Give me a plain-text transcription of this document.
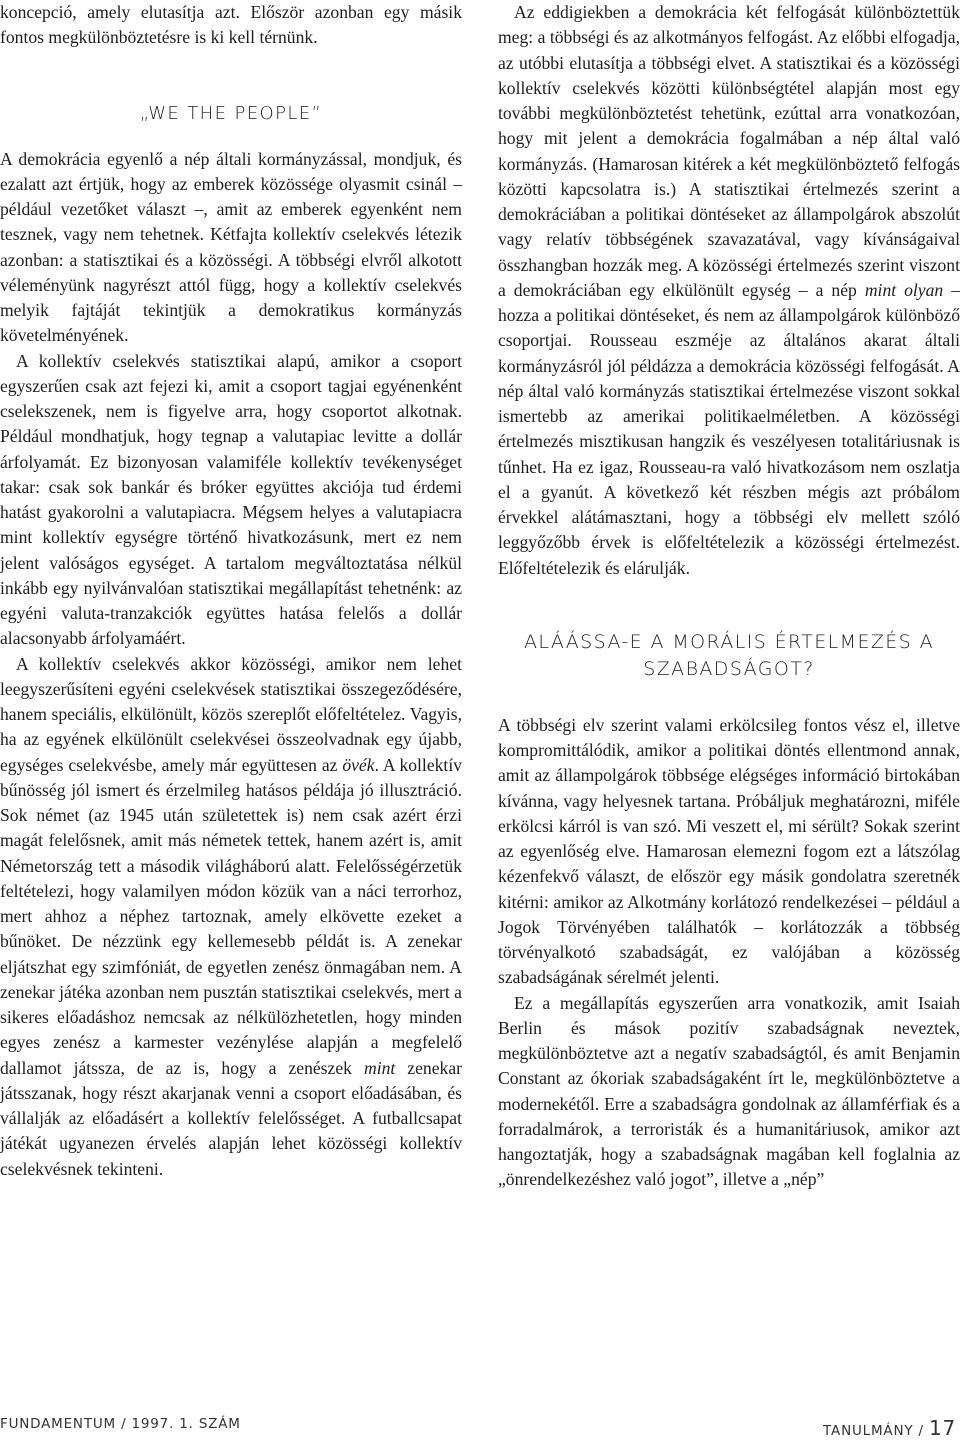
koncepció, amely elutasítja azt. Először azonban egy másik fontos megkülönböztetésre is ki kell térnünk.

„WE THE PEOPLE”

A demokrácia egyenlő a nép általi kormányzással, mondjuk, és ezalatt azt értjük, hogy az emberek közössége olyasmit csinál – például vezetőket választ –, amit az emberek egyenként nem tesznek, vagy nem tehetnek. Kétfajta kollektív cselekvés létezik azonban: a statisztikai és a közösségi. A többségi elvről alkotott véleményünk nagyrészt attól függ, hogy a kollektív cselekvés melyik fajtáját tekintjük a demokratikus kormányzás követelményének.

A kollektív cselekvés statisztikai alapú, amikor a csoport egyszerűen csak azt fejezi ki, amit a csoport tagjai egyénenként cselekszenek, nem is figyelve arra, hogy csoportot alkotnak. Például mondhatjuk, hogy tegnap a valutapiac levitte a dollár árfolyamát. Ez bizonyosan valamiféle kollektív tevékenységet takar: csak sok bankár és bróker együttes akciója tud érdemi hatást gyakorolni a valutapiacra. Mégsem helyes a valutapiacra mint kollektív egységre történő hivatkozásunk, mert ez nem jelent valóságos egységet. A tartalom megváltoztatása nélkül inkább egy nyilvánvalóan statisztikai megállapítást tehetnénk: az egyéni valuta-tranzakciók együttes hatása felelős a dollár alacsonyabb árfolyamáért.

A kollektív cselekvés akkor közösségi, amikor nem lehet leegyszerűsíteni egyéni cselekvések statisztikai összegeződésére, hanem speciális, elkülönült, közös szereplőt előfeltételez. Vagyis, ha az egyének elkülönült cselekvései összeolvadnak egy újabb, egységes cselekvésbe, amely már együttesen az övék. A kollektív bűnösség jól ismert és érzelmileg hatásos példája jó illusztráció. Sok német (az 1945 után születettek is) nem csak azért érzi magát felelősnek, amit más németek tettek, hanem azért is, amit Németország tett a második világháború alatt. Felelősségérzetük feltételezi, hogy valamilyen módon közük van a náci terrorhoz, mert ahhoz a néphez tartoznak, amely elkövette ezeket a bűnöket. De nézzünk egy kellemesebb példát is. A zenekar eljátszhat egy szimfóniát, de egyetlen zenész önmagában nem. A zenekar játéka azonban nem pusztán statisztikai cselekvés, mert a sikeres előadáshoz nemcsak az nélkülözhetetlen, hogy minden egyes zenész a karmester vezénylése alapján a megfelelő dallamot játssza, de az is, hogy a zenészek mint zenekar játsszanak, hogy részt akarjanak venni a csoport előadásában, és vállalják az előadásért a kollektív felelősséget. A futballcsapat játékát ugyanezen érvelés alapján lehet közösségi kollektív cselekvésnek tekinteni.

Az eddigiekben a demokrácia két felfogását különböztettük meg: a többségi és az alkotmányos felfogást. Az előbbi elfogadja, az utóbbi elutasítja a többségi elvet. A statisztikai és a közösségi kollektív cselekvés közötti különbségtétel alapján most egy további megkülönböztetést tehetünk, ezúttal arra vonatkozóan, hogy mit jelent a demokrácia fogalmában a nép által való kormányzás. (Hamarosan kitérek a két megkülönböztető felfogás közötti kapcsolatra is.) A statisztikai értelmezés szerint a demokráciában a politikai döntéseket az állampolgárok abszolút vagy relatív többségének szavazatával, vagy kívánságaival összhangban hozzák meg. A közösségi értelmezés szerint viszont a demokráciában egy elkülönült egység – a nép mint olyan – hozza a politikai döntéseket, és nem az állampolgárok különböző csoportjai. Rousseau eszméje az általános akarat általi kormányzásról jól példázza a demokrácia közösségi felfogását. A nép által való kormányzás statisztikai értelmezése viszont sokkal ismertebb az amerikai politikaelméletben. A közösségi értelmezés misztikusan hangzik és veszélyesen totalitáriusnak is tűnhet. Ha ez igaz, Rousseau-ra való hivatkozásom nem oszlatja el a gyanút. A következő két részben mégis azt próbálom érvekkel alátámasztani, hogy a többségi elv mellett szóló leggyőzőbb érvek is előfeltételezik a közösségi értelmezést. Előfeltételezik és elárulják.

ALÁÁSSA-E A MORÁLIS ÉRTELMEZÉS A SZABADSÁGOT?

A többségi elv szerint valami erkölcsileg fontos vész el, illetve kompromittálódik, amikor a politikai döntés ellentmond annak, amit az állampolgárok többsége elégséges információ birtokában kívánna, vagy helyesnek tartana. Próbáljuk meghatározni, miféle erkölcsi kárról is van szó. Mi veszett el, mi sérült? Sokak szerint az egyenlőség elve. Hamarosan elemezni fogom ezt a látszólag kézenfekvő választ, de először egy másik gondolatra szeretnék kitérni: amikor az Alkotmány korlátozó rendelkezései – például a Jogok Törvényében találhatók – korlátozzák a többség törvényalkotó szabadságát, ez valójában a közösség szabadságának sérelmét jelenti.

Ez a megállapítás egyszerűen arra vonatkozik, amit Isaiah Berlin és mások pozitív szabadságnak neveztek, megkülönböztetve azt a negatív szabadságtól, és amit Benjamin Constant az ókoriak szabadságaként írt le, megkülönböztetve a modernekétől. Erre a szabadságra gondolnak az államférfiak és a forradalmárok, a terroristák és a humanitáriusok, amikor azt hangoztatják, hogy a szabadságnak magában kell foglalnia az „önrendelkezéshez való jogot”, illetve a „nép”

FUNDAMENTUM / 1997. 1. SZÁM	TANULMÁNY / 17
